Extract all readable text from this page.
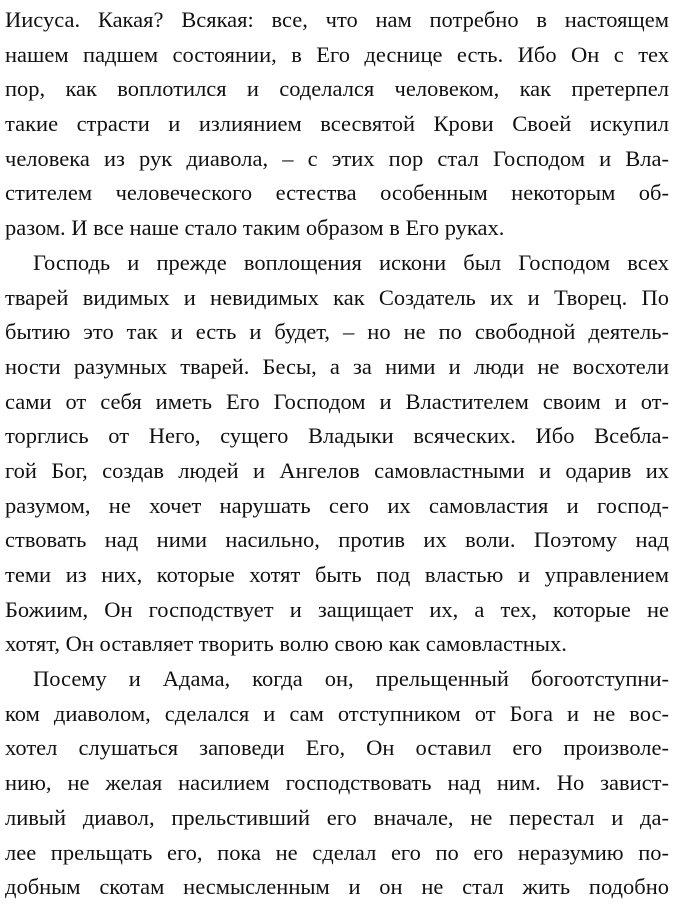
Иисуса. Какая? Всякая: все, что нам потребно в настоящем
нашем падшем состоянии, в Его деснице есть. Ибо Он с тех
пор, как воплотился и соделался человеком, как претерпел
такие страсти и излиянием всесвятой Крови Своей искупил
человека из рук диавола, – с этих пор стал Господом и Вла-
стителем человеческого естества особенным некоторым об-
разом. И все наше стало таким образом в Его руках.
Господь и прежде воплощения искони был Господом всех
тварей видимых и невидимых как Создатель их и Творец. По
бытию это так и есть и будет, – но не по свободной деятель-
ности разумных тварей. Бесы, а за ними и люди не восхотели
сами от себя иметь Его Господом и Властителем своим и от-
торглись от Него, сущего Владыки всяческих. Ибо Всебла-
гой Бог, создав людей и Ангелов самовластными и одарив их
разумом, не хочет нарушать сего их самовластия и господ-
ствовать над ними насильно, против их воли. Поэтому над
теми из них, которые хотят быть под властью и управлением
Божиим, Он господствует и защищает их, а тех, которые не
хотят, Он оставляет творить волю свою как самовластных.
Посему и Адама, когда он, прельщенный богоотступни-
ком диаволом, сделался и сам отступником от Бога и не вос-
хотел слушаться заповеди Его, Он оставил его произволе-
нию, не желая насилием господствовать над ним. Но завист-
ливый диавол, прельстивший его вначале, не перестал и да-
лее прельщать его, пока не сделал его по его неразумию по-
добным скотам несмысленным и он не стал жить подобно
